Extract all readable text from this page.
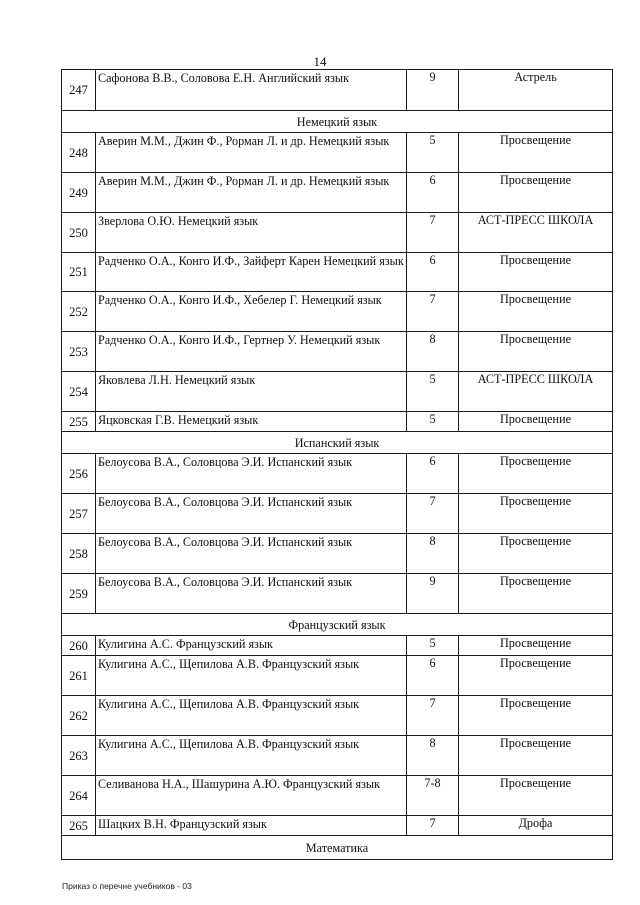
14
247	Сафонова В.В., Солововa Е.Н. Английский язык	9	Астрель
Немецкий язык			
248	Аверин М.М., Джин Ф., Рорман Л. и др. Немецкий язык	5	Просвещение
249	Аверин М.М., Джин Ф., Рорман Л. и др. Немецкий язык	6	Просвещение
250	Зверлова О.Ю. Немецкий язык	7	АСТ-ПРЕСС ШКОЛА
251	Радченко О.А., Конго И.Ф., Зайферт Карен Немецкий язык	6	Просвещение
252	Радченко О.А., Конго И.Ф., Хебелер Г. Немецкий язык	7	Просвещение
253	Радченко О.А., Конго И.Ф., Гертнер У. Немецкий язык	8	Просвещение
254	Яковлева Л.Н. Немецкий язык	5	АСТ-ПРЕСС ШКОЛА
255	Яцковская Г.В. Немецкий язык	5	Просвещение
Испанский язык			
256	Белоусова В.А., Соловцова Э.И. Испанский язык	6	Просвещение
257	Белоусова В.А., Соловцова Э.И. Испанский язык	7	Просвещение
258	Белоусова В.А., Соловцова Э.И. Испанский язык	8	Просвещение
259	Белоусова В.А., Соловцова Э.И. Испанский язык	9	Просвещение
Французский язык			
260	Кулигина А.С. Французский язык	5	Просвещение
261	Кулигина А.С., Щепилова А.В. Французский язык	6	Просвещение
262	Кулигина А.С., Щепилова А.В. Французский язык	7	Просвещение
263	Кулигина А.С., Щепилова А.В. Французский язык	8	Просвещение
264	Селиванова Н.А., Шашурина А.Ю. Французский язык	7-8	Просвещение
265	Шацких В.Н. Французский язык	7	Дрофа
Математика			
Приказ о перечне учебников - 03
